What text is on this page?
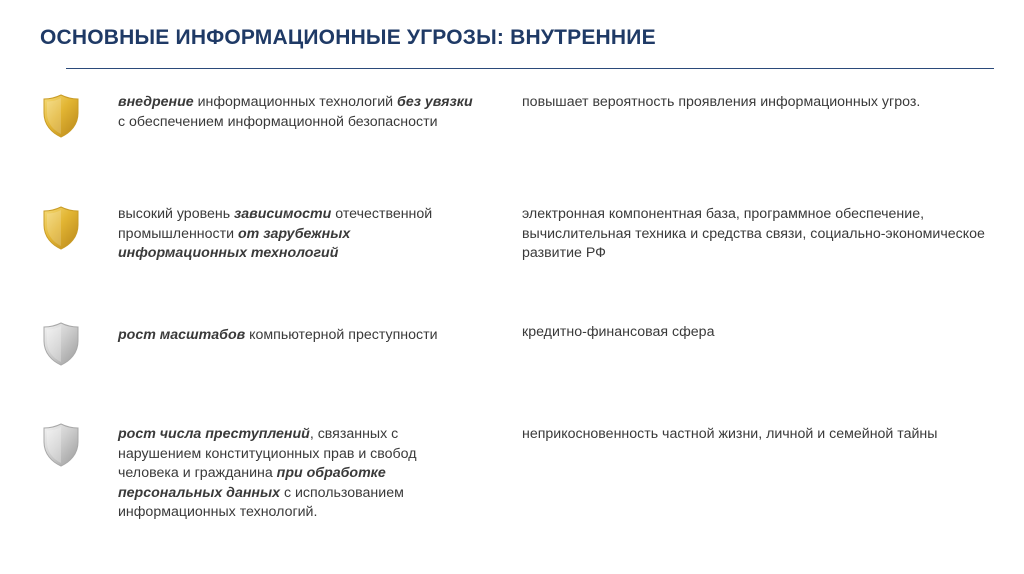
ОСНОВНЫЕ ИНФОРМАЦИОННЫЕ УГРОЗЫ: ВНУТРЕННИЕ
внедрение информационных технологий без увязки с обеспечением информационной безопасности
повышает вероятность проявления информационных угроз.
высокий уровень зависимости отечественной промышленности от зарубежных информационных технологий
электронная компонентная база, программное обеспечение, вычислительная техника и средства связи, социально-экономическое развитие РФ
рост масштабов компьютерной преступности	кредитно-финансовая сфера
рост числа преступлений, связанных с нарушением конституционных прав и свобод человека и гражданина при обработке персональных данных с использованием информационных технологий.
неприкосновенность частной жизни, личной и семейной тайны
